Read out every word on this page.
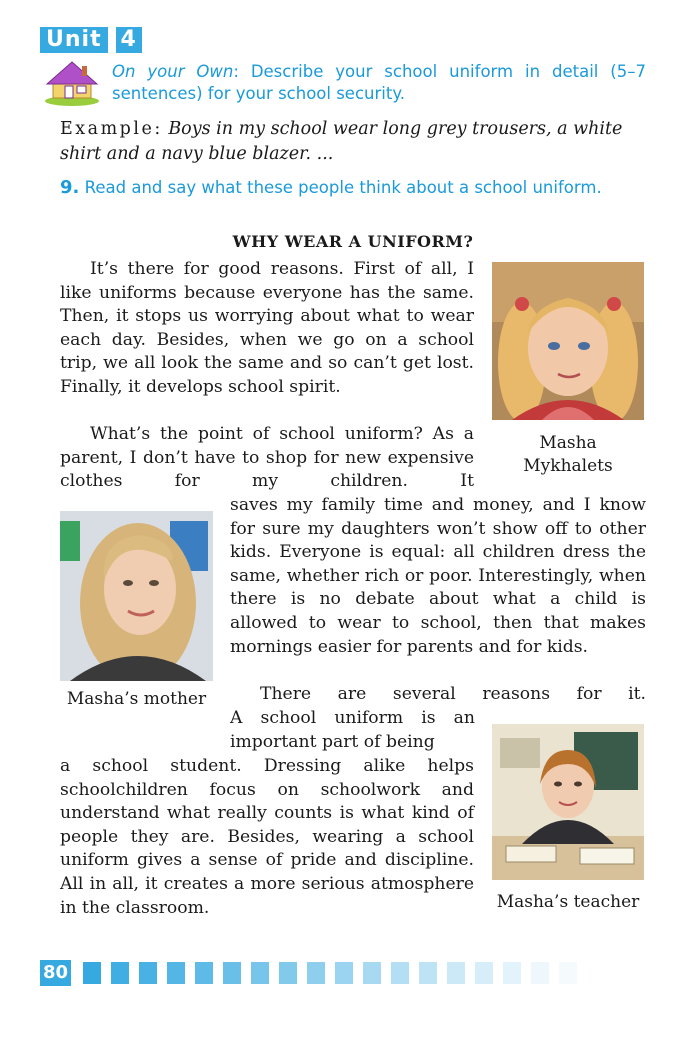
Unit 4
On your Own: Describe your school uniform in detail (5–7 sentences) for your school security.
Example: Boys in my school wear long grey trousers, a white shirt and a navy blue blazer. ...
9. Read and say what these people think about a school uniform.
WHY WEAR A UNIFORM?
It’s there for good reasons. First of all, I like uniforms because everyone has the same. Then, it stops us worrying about what to wear each day. Besides, when we go on a school trip, we all look the same and so can’t get lost. Finally, it develops school spirit.
What’s the point of school uniform? As a parent, I don’t have to shop for new expensive clothes for my children. It
saves my family time and money, and I know for sure my daughters won’t show off to other kids. Everyone is equal: all children dress the same, whether rich or poor. Interestingly, when there is no debate about what a child is allowed to wear to school, then that makes mornings easier for parents and for kids.
There are several reasons for it.
A school uniform is an important part of being
a school student. Dressing alike helps schoolchildren focus on schoolwork and understand what really counts is what kind of people they are. Besides, wearing a school uniform gives a sense of pride and discipline. All in all, it creates a more serious atmosphere in the classroom.
Masha Mykhalets
Masha’s mother
Masha’s teacher
80
